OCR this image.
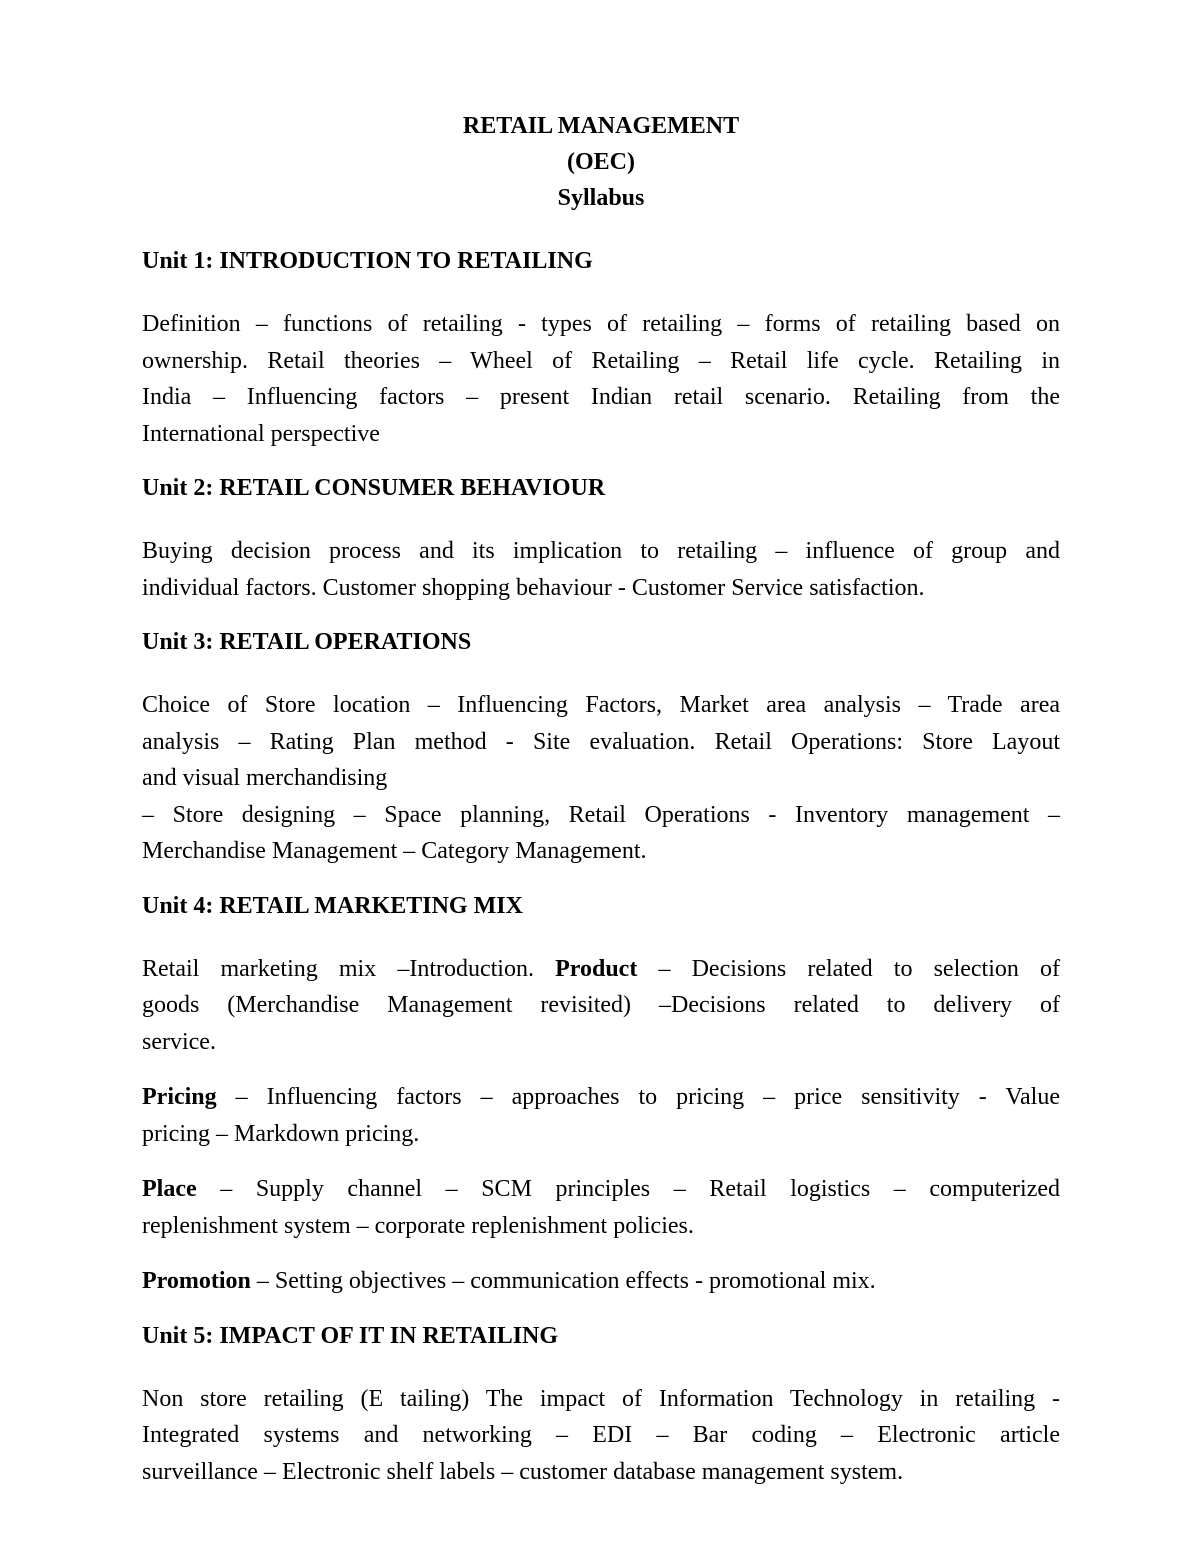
RETAIL MANAGEMENT
(OEC)
Syllabus
Unit 1: INTRODUCTION TO RETAILING
Definition – functions of retailing - types of retailing – forms of retailing based on
ownership. Retail theories – Wheel of Retailing – Retail life cycle. Retailing in
India – Influencing factors – present Indian retail scenario. Retailing from the
International perspective
Unit 2: RETAIL CONSUMER BEHAVIOUR
Buying decision process and its implication to retailing – influence of group and
individual factors. Customer shopping behaviour - Customer Service satisfaction.
Unit 3: RETAIL OPERATIONS
Choice of Store location – Influencing Factors, Market area analysis – Trade area
analysis – Rating Plan method - Site evaluation. Retail Operations: Store Layout
and visual merchandising
– Store designing – Space planning, Retail Operations - Inventory management –
Merchandise Management – Category Management.
Unit 4: RETAIL MARKETING MIX
Retail marketing mix –Introduction. Product – Decisions related to selection of
goods (Merchandise Management revisited) –Decisions related to delivery of
service.
Pricing – Influencing factors – approaches to pricing – price sensitivity - Value
pricing – Markdown pricing.
Place – Supply channel – SCM principles – Retail logistics – computerized
replenishment system – corporate replenishment policies.
Promotion – Setting objectives – communication effects - promotional mix.
Unit 5: IMPACT OF IT IN RETAILING
Non store retailing (E tailing) The impact of Information Technology in retailing -
Integrated systems and networking – EDI – Bar coding – Electronic article
surveillance – Electronic shelf labels – customer database management system.
